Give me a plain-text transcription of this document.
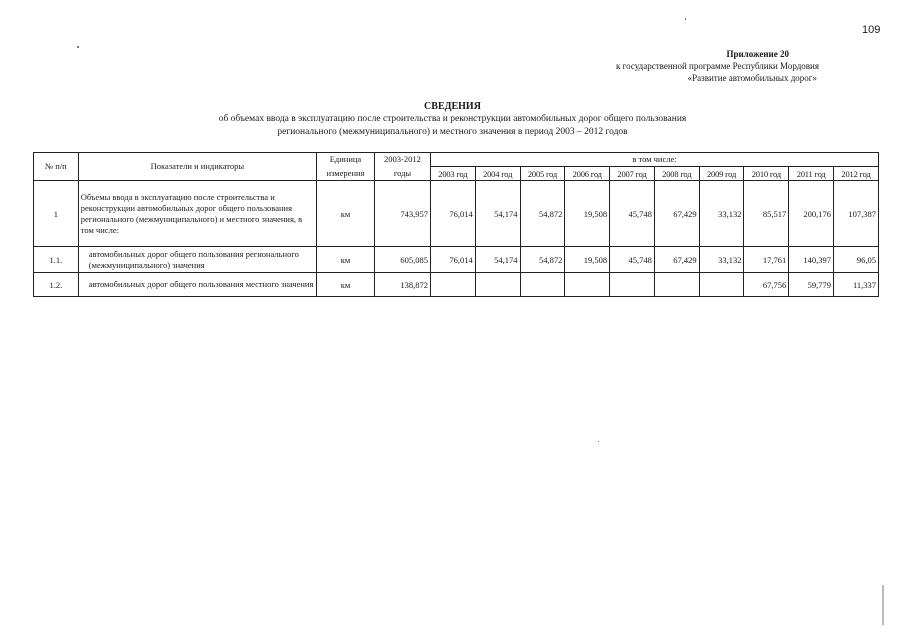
109
Приложение 20
к государственной программе Республики Мордовия
«Развитие автомобильных дорог»
СВЕДЕНИЯ
об объемах ввода в эксплуатацию после строительства и реконструкции автомобильных дорог общего пользования
регионального (межмуниципального) и местного значения в период 2003 – 2012 годов
№ п/п	Показатели и индикаторы	Единица	2003-2012	в том числе:									
		измерения	годы	2003 год	2004 год	2005 год	2006 год	2007 год	2008 год	2009 год	2010 год	2011 год	2012 год
1	Объемы ввода в эксплуатацию после строительства и реконструкции автомобильных дорог общего пользования регионального (межмуниципального) и местного значения, в том числе:	км	743,957	76,014	54,174	54,872	19,508	45,748	67,429	33,132	85,517	200,176	107,387
1.1.	автомобильных дорог общего пользования регионального (межмуниципального) значения	км	605,085	76,014	54,174	54,872	19,508	45,748	67,429	33,132	17,761	140,397	96,05
1.2.	автомобильных дорог общего пользования местного значения	км	138,872								67,756	59,779	11,337
